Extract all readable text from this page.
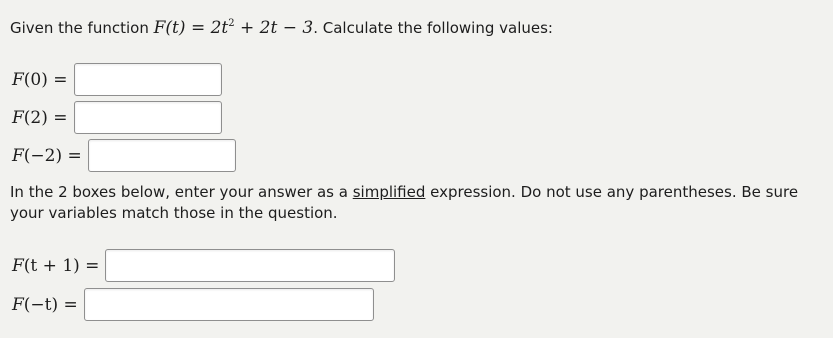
Given the function $F(t) = 2t^2 + 2t - 3$. Calculate the following values:
F(0) =
F(2) =
F(−2) =
In the 2 boxes below, enter your answer as a simplified expression. Do not use any parentheses. Be sure your variables match those in the question.
F(t + 1) =
F(−t) =
